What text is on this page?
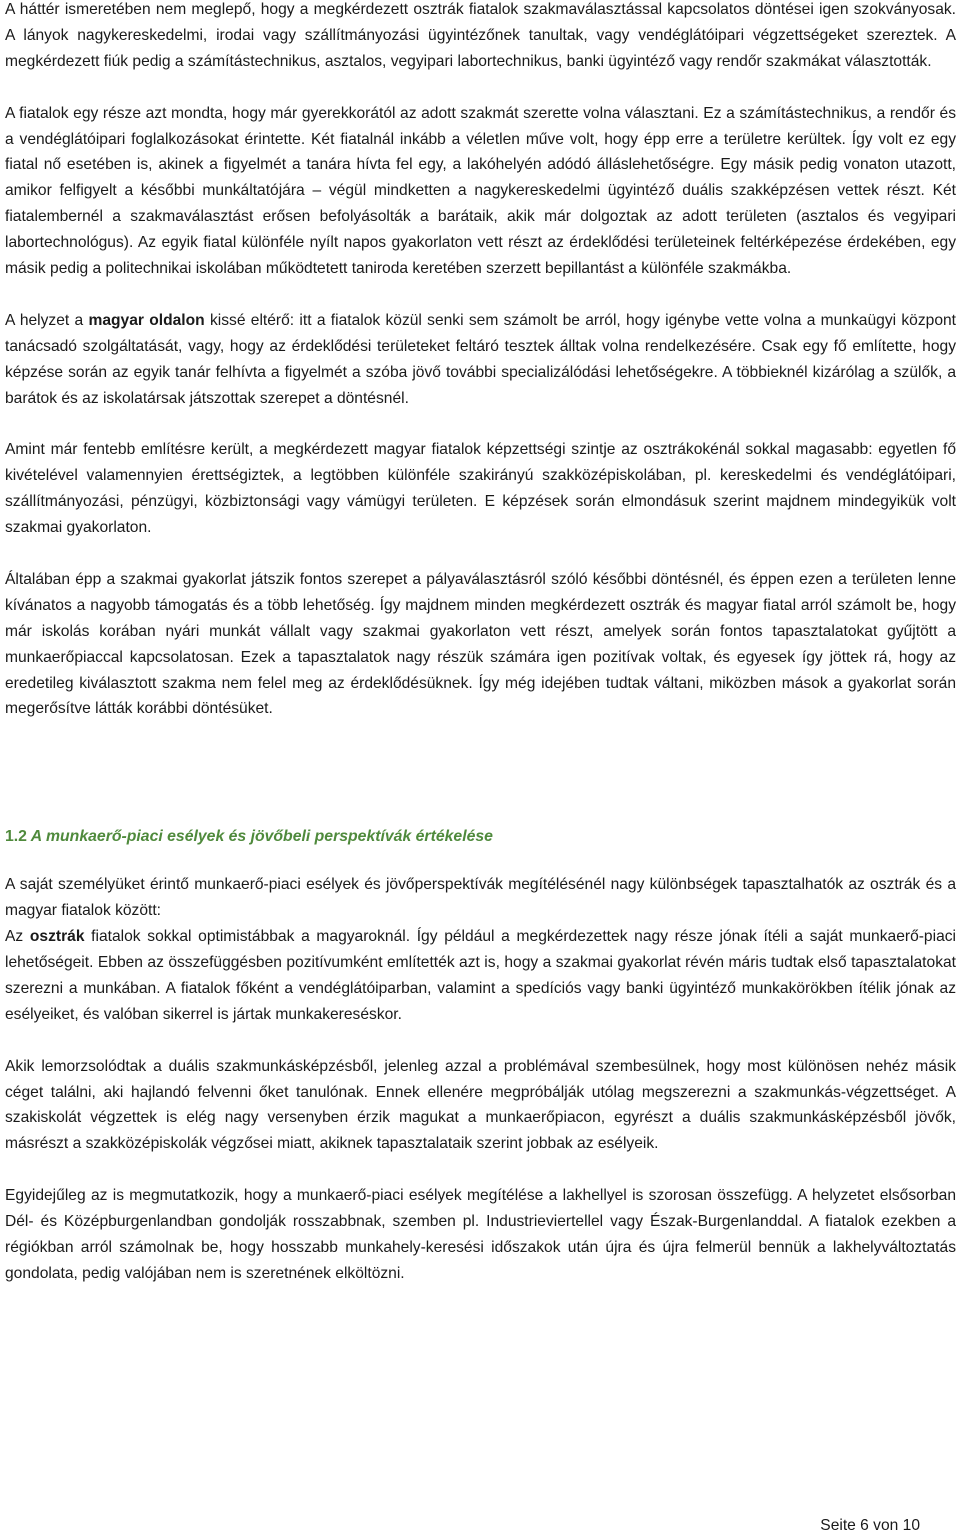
A háttér ismeretében nem meglepő, hogy a megkérdezett osztrák fiatalok szakmaválasztással kapcsolatos döntései igen szokványosak. A lányok nagykereskedelmi, irodai vagy szállítmányozási ügyintézőnek tanultak, vagy vendéglátóipari végzettségeket szereztek. A megkérdezett fiúk pedig a számítástechnikus, asztalos, vegyipari labortechnikus, banki ügyintéző vagy rendőr szakmákat választották.

A fiatalok egy része azt mondta, hogy már gyerekkorától az adott szakmát szerette volna választani. Ez a számítástechnikus, a rendőr és a vendéglátóipari foglalkozásokat érintette. Két fiatalnál inkább a véletlen műve volt, hogy épp erre a területre kerültek. Így volt ez egy fiatal nő esetében is, akinek a figyelmét a tanára hívta fel egy, a lakóhelyén adódó álláslehetőségre. Egy másik pedig vonaton utazott, amikor felfigyelt a későbbi munkáltatójára – végül mindketten a nagykereskedelmi ügyintéző duális szakképzésen vettek részt. Két fiatalembernél a szakmaválasztást erősen befolyásolták a barátaik, akik már dolgoztak az adott területen (asztalos és vegyipari labortechnológus). Az egyik fiatal különféle nyílt napos gyakorlaton vett részt az érdeklődési területeinek feltérképezése érdekében, egy másik pedig a politechnikai iskolában működtetett taniroda keretében szerzett bepillantást a különféle szakmákba.

A helyzet a magyar oldalon kissé eltérő: itt a fiatalok közül senki sem számolt be arról, hogy igénybe vette volna a munkaügyi központ tanácsadó szolgáltatását, vagy, hogy az érdeklődési területeket feltáró tesztek álltak volna rendelkezésére. Csak egy fő említette, hogy képzése során az egyik tanár felhívta a figyelmét a szóba jövő további specializálódási lehetőségekre. A többieknél kizárólag a szülők, a barátok és az iskolatársak játszottak szerepet a döntésnél.

Amint már fentebb említésre került, a megkérdezett magyar fiatalok képzettségi szintje az osztrákokénál sokkal magasabb: egyetlen fő kivételével valamennyien érettségiztek, a legtöbben különféle szakirányú szakközépiskolában, pl. kereskedelmi és vendéglátóipari, szállítmányozási, pénzügyi, közbiztonsági vagy vámügyi területen. E képzések során elmondásuk szerint majdnem mindegyikük volt szakmai gyakorlaton.

Általában épp a szakmai gyakorlat játszik fontos szerepet a pályaválasztásról szóló későbbi döntésnél, és éppen ezen a területen lenne kívánatos a nagyobb támogatás és a több lehetőség. Így majdnem minden megkérdezett osztrák és magyar fiatal arról számolt be, hogy már iskolás korában nyári munkát vállalt vagy szakmai gyakorlaton vett részt, amelyek során fontos tapasztalatokat gyűjtött a munkaerőpiaccal kapcsolatosan. Ezek a tapasztalatok nagy részük számára igen pozitívak voltak, és egyesek így jöttek rá, hogy az eredetileg kiválasztott szakma nem felel meg az érdeklődésüknek. Így még idejében tudtak váltani, miközben mások a gyakorlat során megerősítve látták korábbi döntésüket.

1.2 A munkaerő-piaci esélyek és jövőbeli perspektívák értékelése

A saját személyüket érintő munkaerő-piaci esélyek és jövőperspektívák megítélésénél nagy különbségek tapasztalhatók az osztrák és a magyar fiatalok között:

Az osztrák fiatalok sokkal optimistábbak a magyaroknál. Így például a megkérdezettek nagy része jónak ítéli a saját munkaerő-piaci lehetőségeit. Ebben az összefüggésben pozitívumként említették azt is, hogy a szakmai gyakorlat révén máris tudtak első tapasztalatokat szerezni a munkában. A fiatalok főként a vendéglátóiparban, valamint a spedíciós vagy banki ügyintéző munkakörökben ítélik jónak az esélyeiket, és valóban sikerrel is jártak munkakereséskor.

Akik lemorzsolódtak a duális szakmunkásképzésből, jelenleg azzal a problémával szembesülnek, hogy most különösen nehéz másik céget találni, aki hajlandó felvenni őket tanulónak. Ennek ellenére megpróbálják utólag megszerezni a szakmunkás-végzettséget. A szakiskolát végzettek is elég nagy versenyben érzik magukat a munkaerőpiacon, egyrészt a duális szakmunkásképzésből jövők, másrészt a szakközépiskolák végzősei miatt, akiknek tapasztalataik szerint jobbak az esélyeik.

Egyidejűleg az is megmutatkozik, hogy a munkaerő-piaci esélyek megítélése a lakhellyel is szorosan összefügg. A helyzetet elsősorban Dél- és Középburgenlandban gondolják rosszabbnak, szemben pl. Industrieviertellel vagy Észak-Burgenlanddal. A fiatalok ezekben a régiókban arról számolnak be, hogy hosszabb munkahely-keresési időszakok után újra és újra felmerül bennük a lakhelyváltoztatás gondolata, pedig valójában nem is szeretnének elköltözni.

Seite 6 von 10
